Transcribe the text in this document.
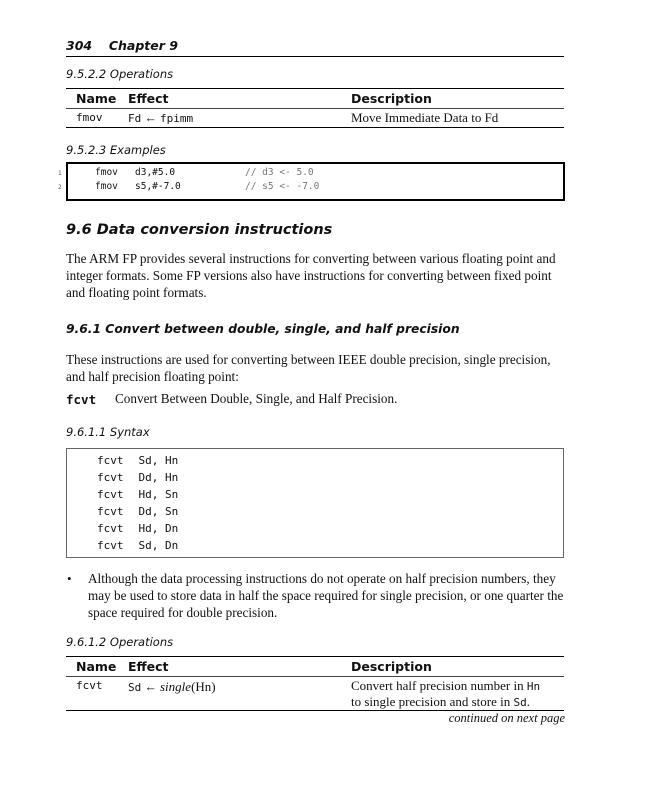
304 Chapter 9
9.5.2.2 Operations
Name Effect	Description
fmov Fd ← fpimm	Move Immediate Data to Fd
9.5.2.3 Examples
1	fmov d3,#5.0	// d3 <- 5.0
2	fmov s5,#-7.0	// s5 <- -7.0
9.6 Data conversion instructions
The ARM FP provides several instructions for converting between various floating point and integer formats. Some FP versions also have instructions for converting between fixed point and floating point formats.
9.6.1 Convert between double, single, and half precision
These instructions are used for converting between IEEE double precision, single precision, and half precision floating point:
fcvt Convert Between Double, Single, and Half Precision.
9.6.1.1 Syntax
fcvt Sd, Hn
fcvt Dd, Hn
fcvt Hd, Sn
fcvt Dd, Sn
fcvt Hd, Dn
fcvt Sd, Dn
• Although the data processing instructions do not operate on half precision numbers, they may be used to store data in half the space required for single precision, or one quarter the space required for double precision.
9.6.1.2 Operations
Name Effect	Description
fcvt Sd ← single(Hn)	Convert half precision number in Hn
to single precision and store in Sd.
continued on next page
